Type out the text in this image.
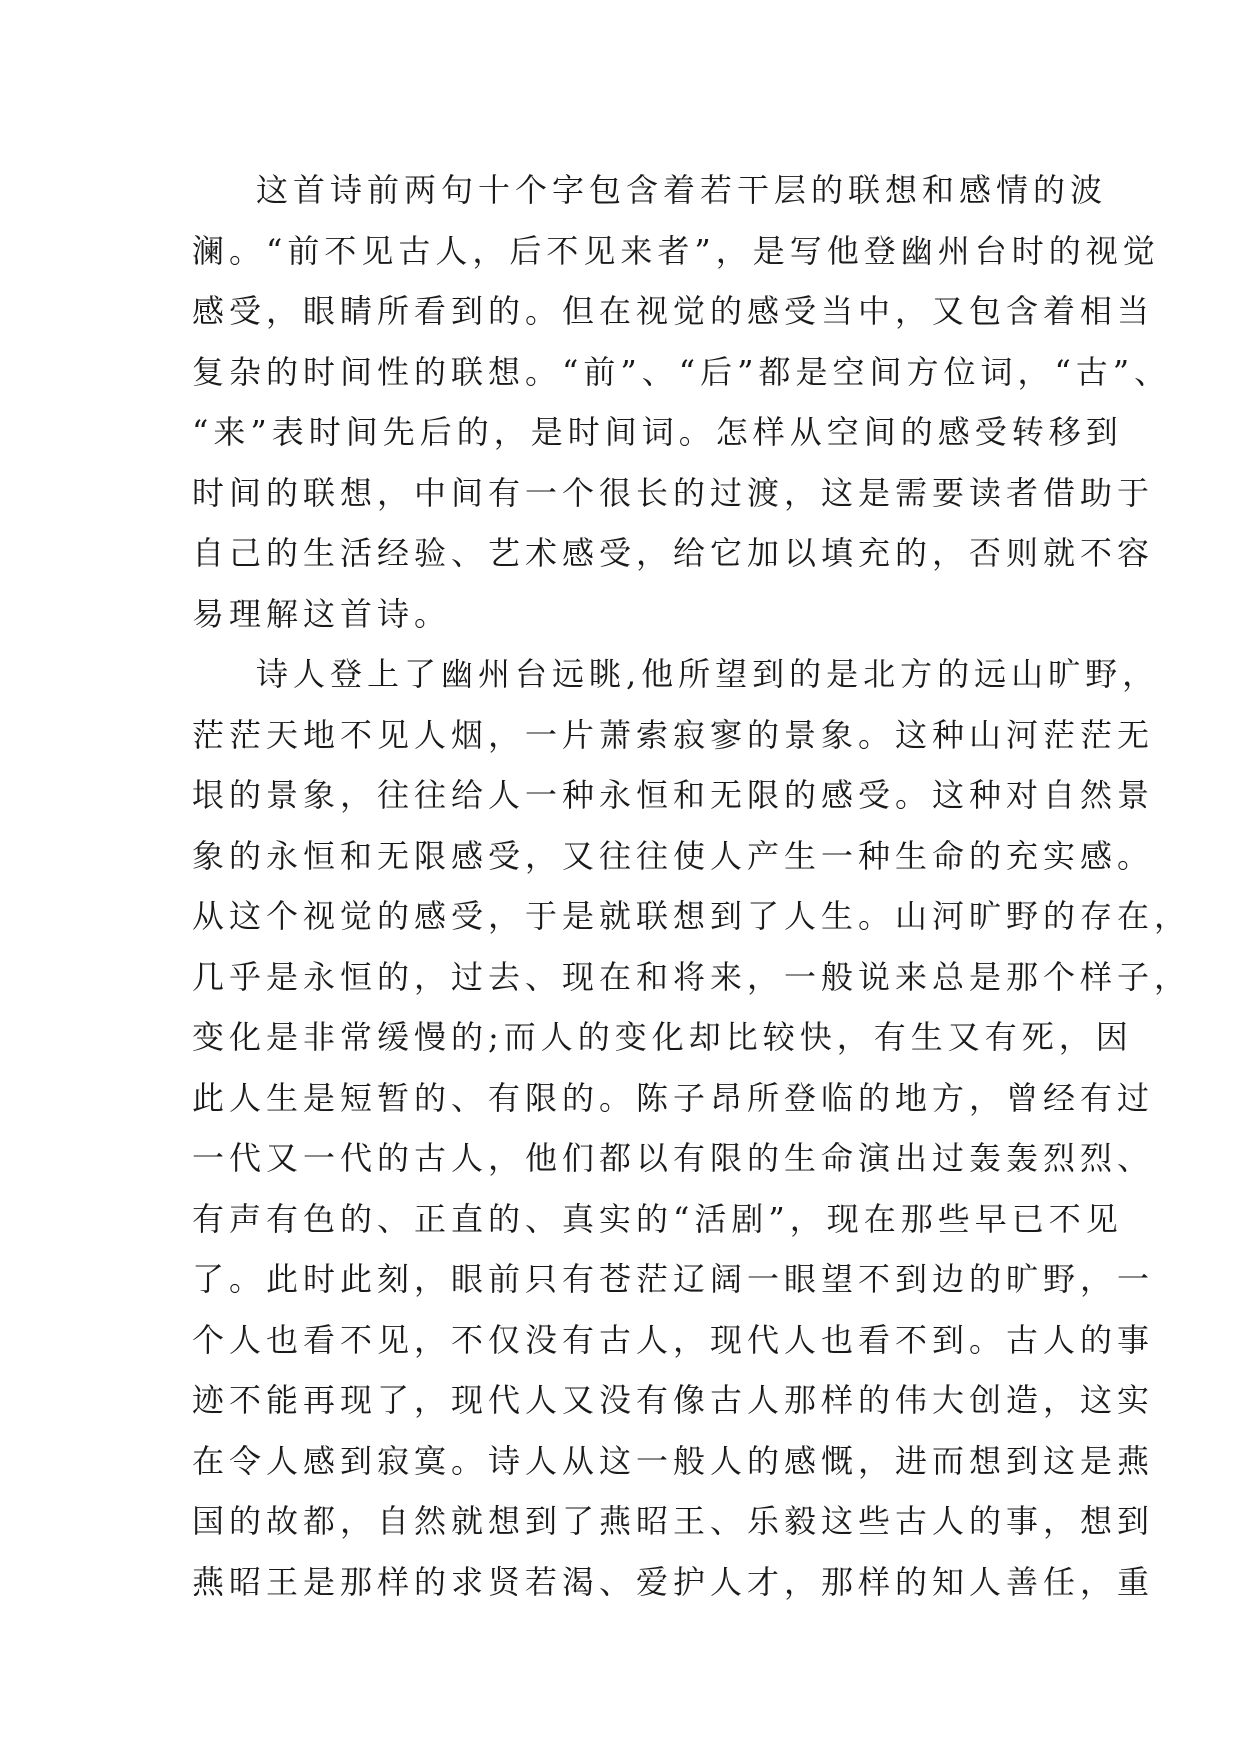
这首诗前两句十个字包含着若干层的联想和感情的波
澜。“前不见古人，后不见来者”，是写他登幽州台时的视觉
感受，眼睛所看到的。但在视觉的感受当中，又包含着相当
复杂的时间性的联想。“前”、“后”都是空间方位词，“古”、
“来”表时间先后的，是时间词。怎样从空间的感受转移到
时间的联想，中间有一个很长的过渡，这是需要读者借助于
自己的生活经验、艺术感受，给它加以填充的，否则就不容
易理解这首诗。
诗人登上了幽州台远眺,他所望到的是北方的远山旷野，
茫茫天地不见人烟，一片萧索寂寥的景象。这种山河茫茫无
垠的景象，往往给人一种永恒和无限的感受。这种对自然景
象的永恒和无限感受，又往往使人产生一种生命的充实感。
从这个视觉的感受，于是就联想到了人生。山河旷野的存在，
几乎是永恒的，过去、现在和将来，一般说来总是那个样子，
变化是非常缓慢的;而人的变化却比较快，有生又有死，因
此人生是短暂的、有限的。陈子昂所登临的地方，曾经有过
一代又一代的古人，他们都以有限的生命演出过轰轰烈烈、
有声有色的、正直的、真实的“活剧”，现在那些早已不见
了。此时此刻，眼前只有苍茫辽阔一眼望不到边的旷野，一
个人也看不见，不仅没有古人，现代人也看不到。古人的事
迹不能再现了，现代人又没有像古人那样的伟大创造，这实
在令人感到寂寞。诗人从这一般人的感慨，进而想到这是燕
国的故都，自然就想到了燕昭王、乐毅这些古人的事，想到
燕昭王是那样的求贤若渴、爱护人才，那样的知人善任，重
